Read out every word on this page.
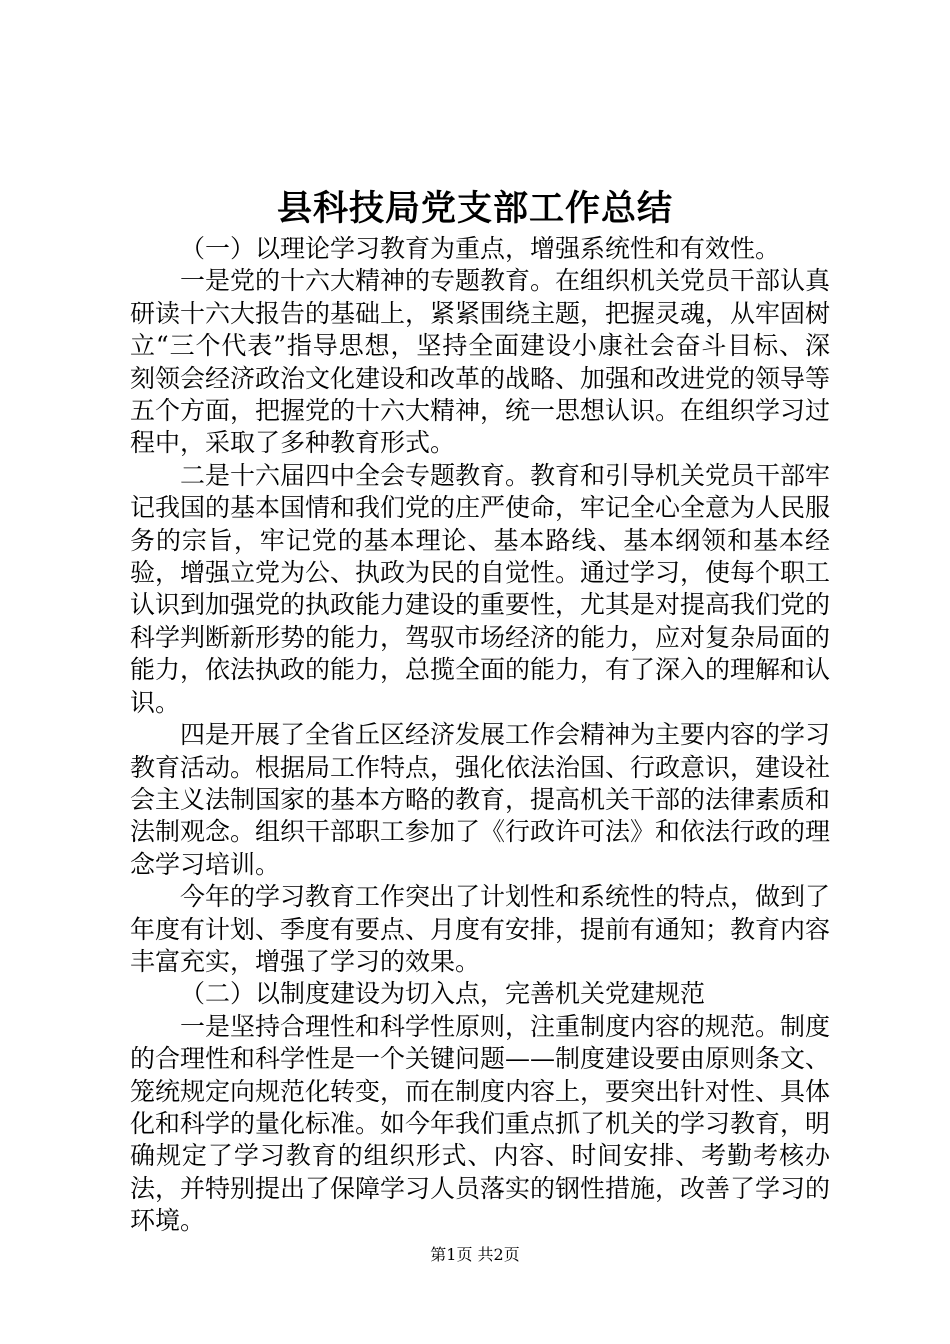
县科技局党支部工作总结

（一）以理论学习教育为重点，增强系统性和有效性。

一是党的十六大精神的专题教育。在组织机关党员干部认真研读十六大报告的基础上，紧紧围绕主题，把握灵魂，从牢固树立“三个代表”指导思想，坚持全面建设小康社会奋斗目标、深刻领会经济政治文化建设和改革的战略、加强和改进党的领导等五个方面，把握党的十六大精神，统一思想认识。在组织学习过程中，采取了多种教育形式。

二是十六届四中全会专题教育。教育和引导机关党员干部牢记我国的基本国情和我们党的庄严使命，牢记全心全意为人民服务的宗旨，牢记党的基本理论、基本路线、基本纲领和基本经验，增强立党为公、执政为民的自觉性。通过学习，使每个职工认识到加强党的执政能力建设的重要性，尤其是对提高我们党的科学判断新形势的能力，驾驭市场经济的能力，应对复杂局面的能力，依法执政的能力，总揽全面的能力，有了深入的理解和认识。

四是开展了全省丘区经济发展工作会精神为主要内容的学习教育活动。根据局工作特点，强化依法治国、行政意识，建设社会主义法制国家的基本方略的教育，提高机关干部的法律素质和法制观念。组织干部职工参加了《行政许可法》和依法行政的理念学习培训。

今年的学习教育工作突出了计划性和系统性的特点，做到了年度有计划、季度有要点、月度有安排，提前有通知；教育内容丰富充实，增强了学习的效果。

（二）以制度建设为切入点，完善机关党建规范

一是坚持合理性和科学性原则，注重制度内容的规范。制度的合理性和科学性是一个关键问题——制度建设要由原则条文、笼统规定向规范化转变，而在制度内容上，要突出针对性、具体化和科学的量化标准。如今年我们重点抓了机关的学习教育，明确规定了学习教育的组织形式、内容、时间安排、考勤考核办法，并特别提出了保障学习人员落实的钢性措施，改善了学习的环境。

第1页 共2页
